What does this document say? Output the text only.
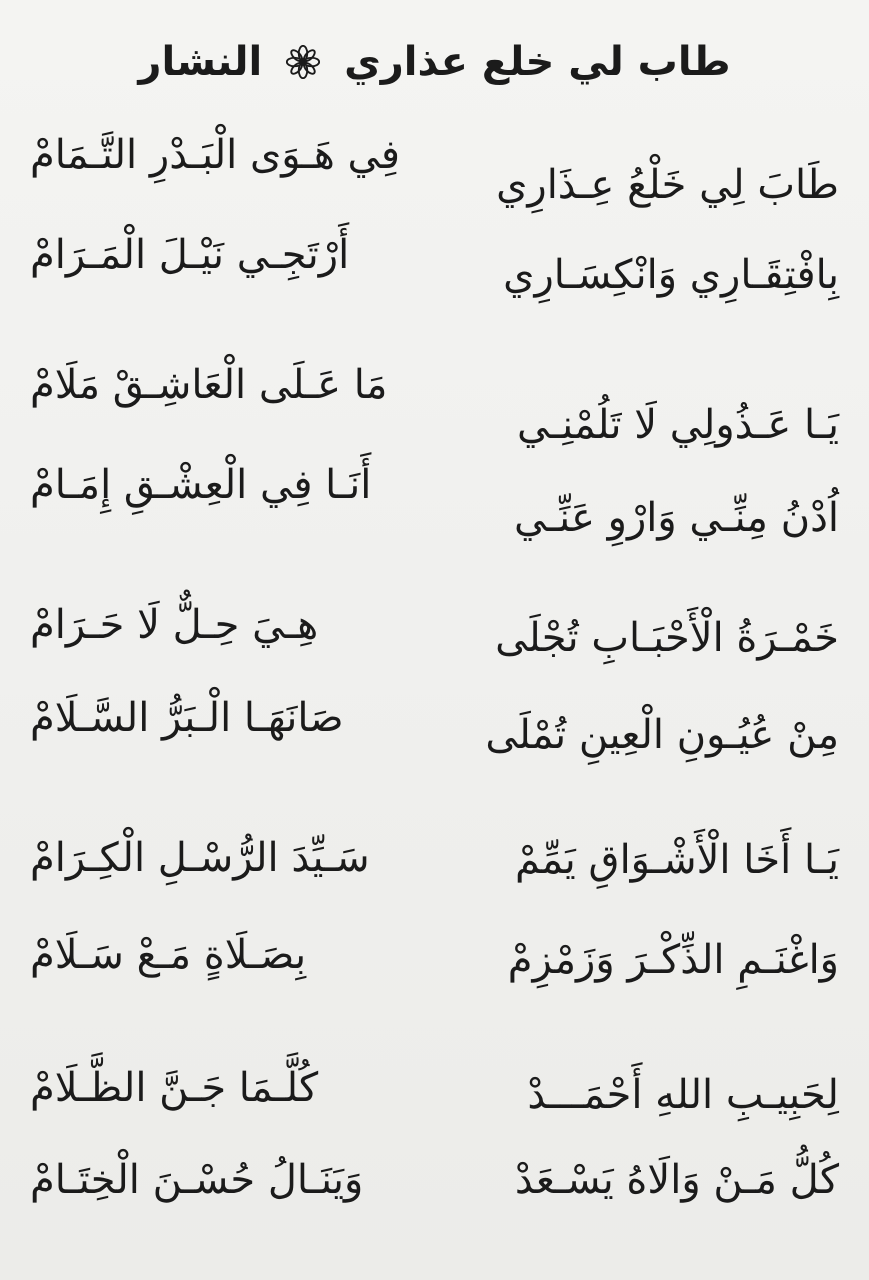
طاب لي خلع عذاري  النشار
طَابَ لِي خَلْعُ عِـذَارِي
فِي هَـوَى الْبَـدْرِ التَّـمَامْ
بِافْتِقَـارِي وَانْكِسَـارِي
أَرْتَجِـي نَيْـلَ الْمَـرَامْ
يَـا عَـذُولِي لَا تَلُمْنِـي
مَا عَـلَى الْعَاشِـقْ مَلَامْ
اُدْنُ مِنِّـي وَارْوِ عَنِّـي
أَنَـا فِي الْعِشْـقِ إِمَـامْ
خَمْـرَةُ الْأَحْبَـابِ تُجْلَى
هِـيَ حِـلٌّ لَا حَـرَامْ
مِنْ عُيُـونِ الْعِينِ تُمْلَى
صَانَهَـا الْـبَرُّ السَّـلَامْ
يَـا أَخَا الْأَشْـوَاقِ يَمِّمْ
سَـيِّدَ الرُّسْـلِ الْكِـرَامْ
وَاغْنَـمِ الذِّكْـرَ وَزَمْزِمْ
بِصَـلَاةٍ مَـعْ سَـلَامْ
لِحَبِيـبِ اللهِ أَحْمَـــدْ
كُلَّـمَا جَـنَّ الظَّـلَامْ
كُلُّ مَـنْ وَالَاهُ يَسْـعَدْ
وَيَنَـالُ حُسْـنَ الْخِتَـامْ
